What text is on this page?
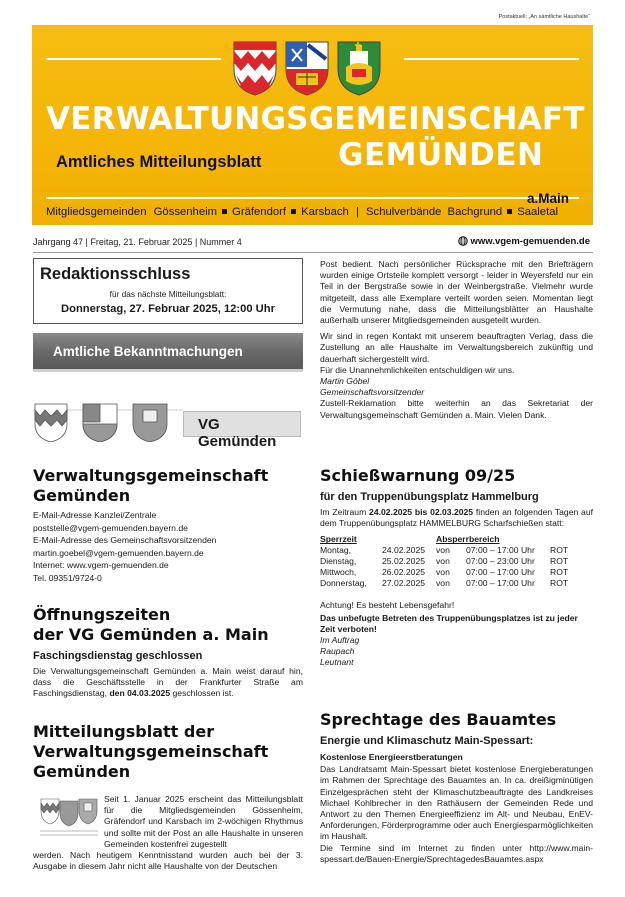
Postaktuell: „An sämtliche Haushalte“
VERWALTUNGSGEMEINSCHAFT
Amtliches Mitteilungsblatt GEMÜNDEN
a.Main
Mitgliedsgemeinden Gössenheim Gräfendorf Karsbach | Schulverbände Bachgrund Saaletal
Jahrgang 47 | Freitag, 21. Februar 2025 | Nummer 4	www.vgem-gemuenden.de
Redaktionsschluss
für das nächste Mitteilungsblatt:
Donnerstag, 27. Februar 2025, 12:00 Uhr
Amtliche Bekanntmachungen
VG Gemünden
Verwaltungsgemeinschaft
Gemünden
E-Mail-Adresse Kanzlei/Zentrale
poststelle@vgem-gemuenden.bayern.de
E-Mail-Adresse des Gemeinschaftsvorsitzenden
martin.goebel@vgem-gemuenden.bayern.de
Internet: www.vgem-gemuenden.de
Tel. 09351/9724-0
Öffnungszeiten
der VG Gemünden a. Main
Faschingsdienstag geschlossen
Die Verwaltungsgemeinschaft Gemünden a. Main weist darauf hin, dass die Geschäftsstelle in der Frankfurter Straße am Faschingsdienstag, den 04.03.2025 geschlossen ist.
Mitteilungsblatt der
Verwaltungsgemeinschaft
Gemünden
Seit 1. Januar 2025 erscheint das Mitteilungsblatt für die Mitgliedsgemeinden Gössenheim, Gräfendorf und Karsbach im 2-wöchigen Rhythmus und sollte mit der Post an alle Haushalte in unseren Gemeinden kostenfrei zugestellt
werden. Nach heutigem Kenntnisstand wurden auch bei der 3. Ausgabe in diesem Jahr nicht alle Haushalte von der Deutschen
Post bedient. Nach persönlicher Rücksprache mit den Briefträgern wurden einige Ortsteile komplett versorgt - leider in Weyersfeld nur ein Teil in der Bergstraße sowie in der Weinbergstraße. Vielmehr wurde mitgeteilt, dass alle Exemplare verteilt worden seien. Momentan liegt die Vermutung nahe, dass die Mitteilungsblätter an Haushalte außerhalb unserer Mitgliedsgemeinden ausgeteilt wurden.
Wir sind in regen Kontakt mit unserem beauftragten Verlag, dass die Zustellung an alle Haushalte im Verwaltungsbereich zukünftig und dauerhaft sichergestellt wird.
Für die Unannehmlichkeiten entschuldigen wir uns.
Martin Göbel
Gemeinschaftsvorsitzender
Zustell-Reklamation bitte weiterhin an das Sekretariat der Verwaltungsgemeinschaft Gemünden a. Main. Vielen Dank.
Schießwarnung 09/25
für den Truppenübungsplatz Hammelburg
Im Zeitraum 24.02.2025 bis 02.03.2025 finden an folgenden Tagen auf dem Truppenübungsplatz HAMMELBURG Scharfschießen statt:
Sperrzeit		Absperrbereich		
Montag,	24.02.2025	von	07:00 – 17:00 Uhr	ROT
Dienstag,	25.02.2025	von	07:00 – 23:00 Uhr	ROT
Mittwoch,	26.02.2025	von	07:00 – 17:00 Uhr	ROT
Donnerstag,	27.02.2025	von	07:00 – 17:00 Uhr	ROT
Achtung! Es besteht Lebensgefahr!
Das unbefugte Betreten des Truppenübungsplatzes ist zu jeder Zeit verboten!
Im Auftrag
Raupach
Leutnant
Sprechtage des Bauamtes
Energie und Klimaschutz Main-Spessart:
Kostenlose Energieerstberatungen
Das Landratsamt Main-Spessart bietet kostenlose Energieberatungen im Rahmen der Sprechtage des Bauamtes an. In ca. dreißigminütigen Einzelgesprächen steht der Klimaschutzbeauftragte des Landkreises Michael Kohlbrecher in den Rathäusern der Gemeinden Rede und Antwort zu den Themen Energieeffizienz im Alt- und Neubau, EnEV-Anforderungen, Förderprogramme oder auch Energiesparmöglichkeiten im Haushalt.
Die Termine sind im Internet zu finden unter http://www.main-spessart.de/Bauen-Energie/SprechtagedesBauamtes.aspx
